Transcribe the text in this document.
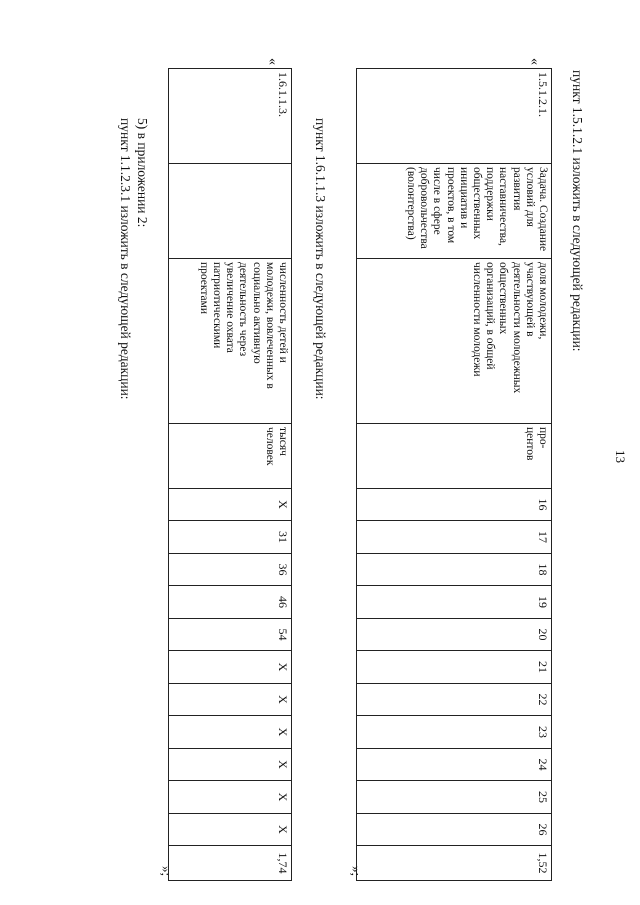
13
пункт 1.5.1.2.1 изложить в следующей редакции:
«
1.5.1.2.1.	
Задача. Создание
условий для
развития
наставничества,
поддержки
общественных
инициатив и
проектов, в том
числе в сфере
добровольчества
(волонтерства)

доля молодежи,
участвующей в
деятельности молодежных
общественных
организаций, в общей
численности молодежи

про-
центов
	16	17	18	19	20	21	22	23	24	25	26	1,52
»;
пункт 1.6.1.1.3 изложить в следующей редакции:
«
1.6.1.1.3.		
численность детей и
молодежи, вовлеченных в
социально активную
деятельность через
увеличение охвата
патриотическими
проектами

тысяч
человек
	Х	31	36	46	54	Х	Х	Х	Х	Х	Х	1,74
»;
5) в приложении 2:
пункт 1.1.2.3.1 изложить в следующей редакции:
